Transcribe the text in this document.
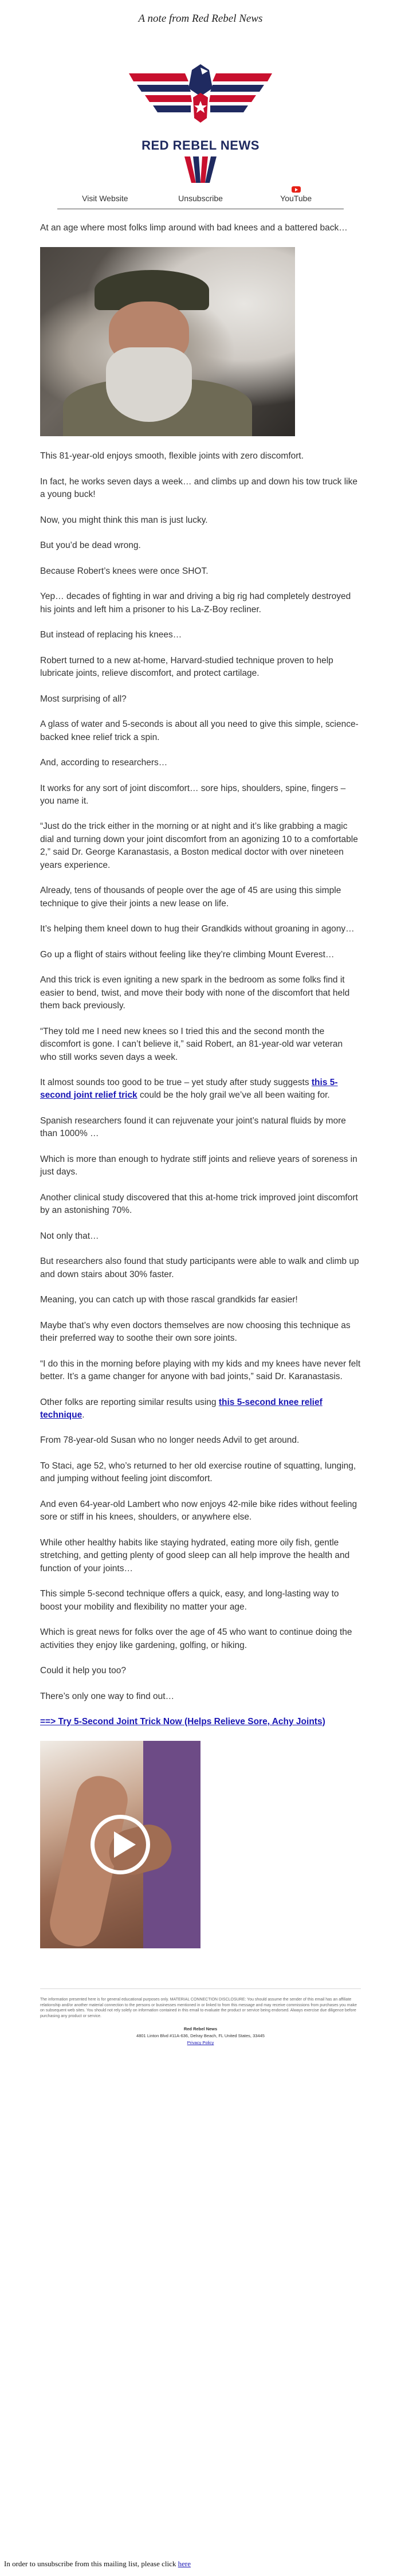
A note from Red Rebel News
RED REBEL NEWS
Visit Website	Unsubscribe	YouTube

At an age where most folks limp around with bad knees and a battered back…

This 81-year-old enjoys smooth, flexible joints with zero discomfort.

In fact, he works seven days a week… and climbs up and down his tow truck like a young buck!

Now, you might think this man is just lucky.

But you’d be dead wrong.

Because Robert’s knees were once SHOT.

Yep… decades of fighting in war and driving a big rig had completely destroyed his joints and left him a prisoner to his La-Z-Boy recliner.

But instead of replacing his knees…

Robert turned to a new at-home, Harvard-studied technique proven to help lubricate joints, relieve discomfort, and protect cartilage.

Most surprising of all?

A glass of water and 5-seconds is about all you need to give this simple, science-backed knee relief trick a spin.

And, according to researchers…

It works for any sort of joint discomfort… sore hips, shoulders, spine, fingers – you name it.

“Just do the trick either in the morning or at night and it’s like grabbing a magic dial and turning down your joint discomfort from an agonizing 10 to a comfortable 2,” said Dr. George Karanastasis, a Boston medical doctor with over nineteen years experience.

Already, tens of thousands of people over the age of 45 are using this simple technique to give their joints a new lease on life.

It’s helping them kneel down to hug their Grandkids without groaning in agony…

Go up a flight of stairs without feeling like they’re climbing Mount Everest…

And this trick is even igniting a new spark in the bedroom as some folks find it easier to bend, twist, and move their body with none of the discomfort that held them back previously.

“They told me I need new knees so I tried this and the second month the discomfort is gone. I can’t believe it,” said Robert, an 81-year-old war veteran who still works seven days a week.

It almost sounds too good to be true – yet study after study suggests this 5-second joint relief trick could be the holy grail we’ve all been waiting for.

Spanish researchers found it can rejuvenate your joint’s natural fluids by more than 1000% …

Which is more than enough to hydrate stiff joints and relieve years of soreness in just days.

Another clinical study discovered that this at-home trick improved joint discomfort by an astonishing 70%.

Not only that…

But researchers also found that study participants were able to walk and climb up and down stairs about 30% faster.

Meaning, you can catch up with those rascal grandkids far easier!

Maybe that’s why even doctors themselves are now choosing this technique as their preferred way to soothe their own sore joints.

“I do this in the morning before playing with my kids and my knees have never felt better. It’s a game changer for anyone with bad joints,” said Dr. Karanastasis.

Other folks are reporting similar results using this 5-second knee relief technique.

From 78-year-old Susan who no longer needs Advil to get around.

To Staci, age 52, who’s returned to her old exercise routine of squatting, lunging, and jumping without feeling joint discomfort.

And even 64-year-old Lambert who now enjoys 42-mile bike rides without feeling sore or stiff in his knees, shoulders, or anywhere else.

While other healthy habits like staying hydrated, eating more oily fish, gentle stretching, and getting plenty of good sleep can all help improve the health and function of your joints…

This simple 5-second technique offers a quick, easy, and long-lasting way to boost your mobility and flexibility no matter your age.

Which is great news for folks over the age of 45 who want to continue doing the activities they enjoy like gardening, golfing, or hiking.

Could it help you too?

There’s only one way to find out…

==> Try 5-Second Joint Trick Now (Helps Relieve Sore, Achy Joints)
The information presented here is for general educational purposes only. MATERIAL CONNECTION DISCLOSURE: You should assume the sender of this email has an affiliate relationship and/or another material connection to the persons or businesses mentioned in or linked to from this message and may receive commissions from purchases you make on subsequent web sites. You should not rely solely on information contained in this email to evaluate the product or service being endorsed. Always exercise due diligence before purchasing any product or service.
Red Rebel News
4801 Linton Blvd #11A-636, Delray Beach, FL United States, 33445
Privacy Policy
In order to unsubscribe from this mailing list, please click here
